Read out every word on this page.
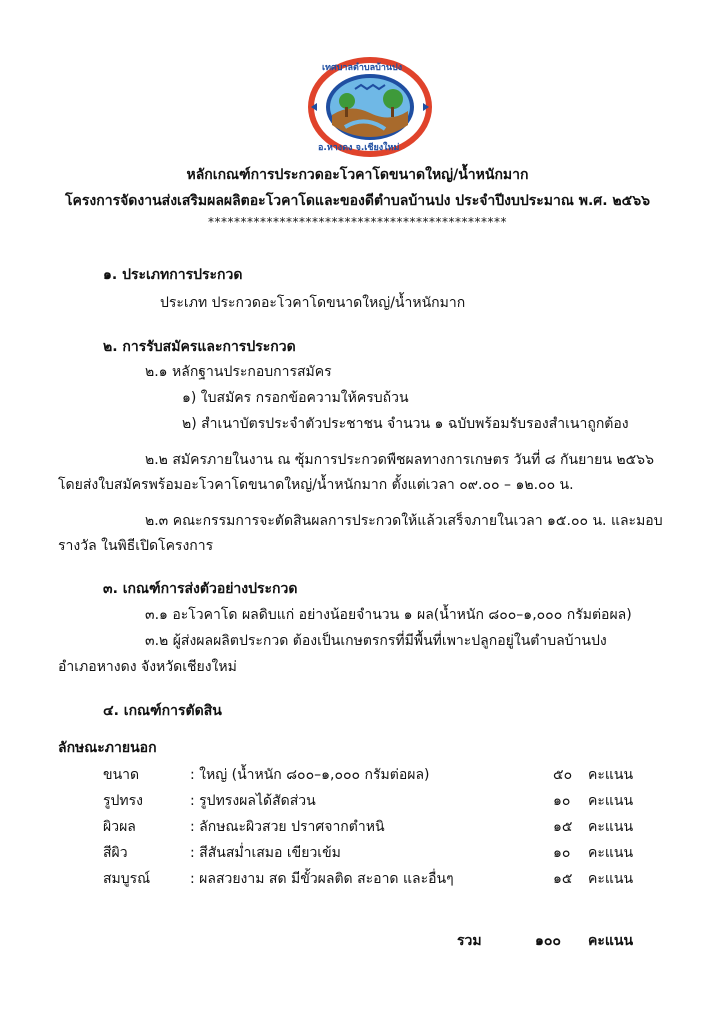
เทศบาลตำบลบ้านปง
อ.หางดง จ.เชียงใหม่
หลักเกณฑ์การประกวดอะโวคาโดขนาดใหญ่/น้ำหนักมาก
โครงการจัดงานส่งเสริมผลผลิตอะโวคาโดและของดีตำบลบ้านปง ประจำปีงบประมาณ พ.ศ. ๒๕๖๖
**********************************************
๑. ประเภทการประกวด
ประเภท ประกวดอะโวคาโดขนาดใหญ่/น้ำหนักมาก
๒. การรับสมัครและการประกวด
๒.๑ หลักฐานประกอบการสมัคร
๑) ใบสมัคร กรอกข้อความให้ครบถ้วน
๒) สำเนาบัตรประจำตัวประชาชน จำนวน ๑ ฉบับพร้อมรับรองสำเนาถูกต้อง
๒.๒ สมัครภายในงาน ณ ซุ้มการประกวดพืชผลทางการเกษตร วันที่ ๘ กันยายน ๒๕๖๖
โดยส่งใบสมัครพร้อมอะโวคาโดขนาดใหญ่/น้ำหนักมาก ตั้งแต่เวลา ๐๙.๐๐ – ๑๒.๐๐ น.
๒.๓ คณะกรรมการจะตัดสินผลการประกวดให้แล้วเสร็จภายในเวลา ๑๕.๐๐ น. และมอบ
รางวัล ในพิธีเปิดโครงการ
๓. เกณฑ์การส่งตัวอย่างประกวด
๓.๑ อะโวคาโด ผลดิบแก่ อย่างน้อยจำนวน ๑ ผล(น้ำหนัก ๘๐๐–๑,๐๐๐ กรัมต่อผล)
๓.๒ ผู้ส่งผลผลิตประกวด ต้องเป็นเกษตรกรที่มีพื้นที่เพาะปลูกอยู่ในตำบลบ้านปง
อำเภอหางดง จังหวัดเชียงใหม่
๔. เกณฑ์การตัดสิน
ลักษณะภายนอก
ขนาด	: ใหญ่ (น้ำหนัก ๘๐๐–๑,๐๐๐ กรัมต่อผล)	๕๐ คะแนน
รูปทรง	: รูปทรงผลได้สัดส่วน	๑๐ คะแนน
ผิวผล	: ลักษณะผิวสวย ปราศจากตำหนิ	๑๕ คะแนน
สีผิว	: สีสันสม่ำเสมอ เขียวเข้ม	๑๐ คะแนน
สมบูรณ์	: ผลสวยงาม สด มีขั้วผลติด สะอาด และอื่นๆ	๑๕ คะแนน
รวม	๑๐๐ คะแนน
